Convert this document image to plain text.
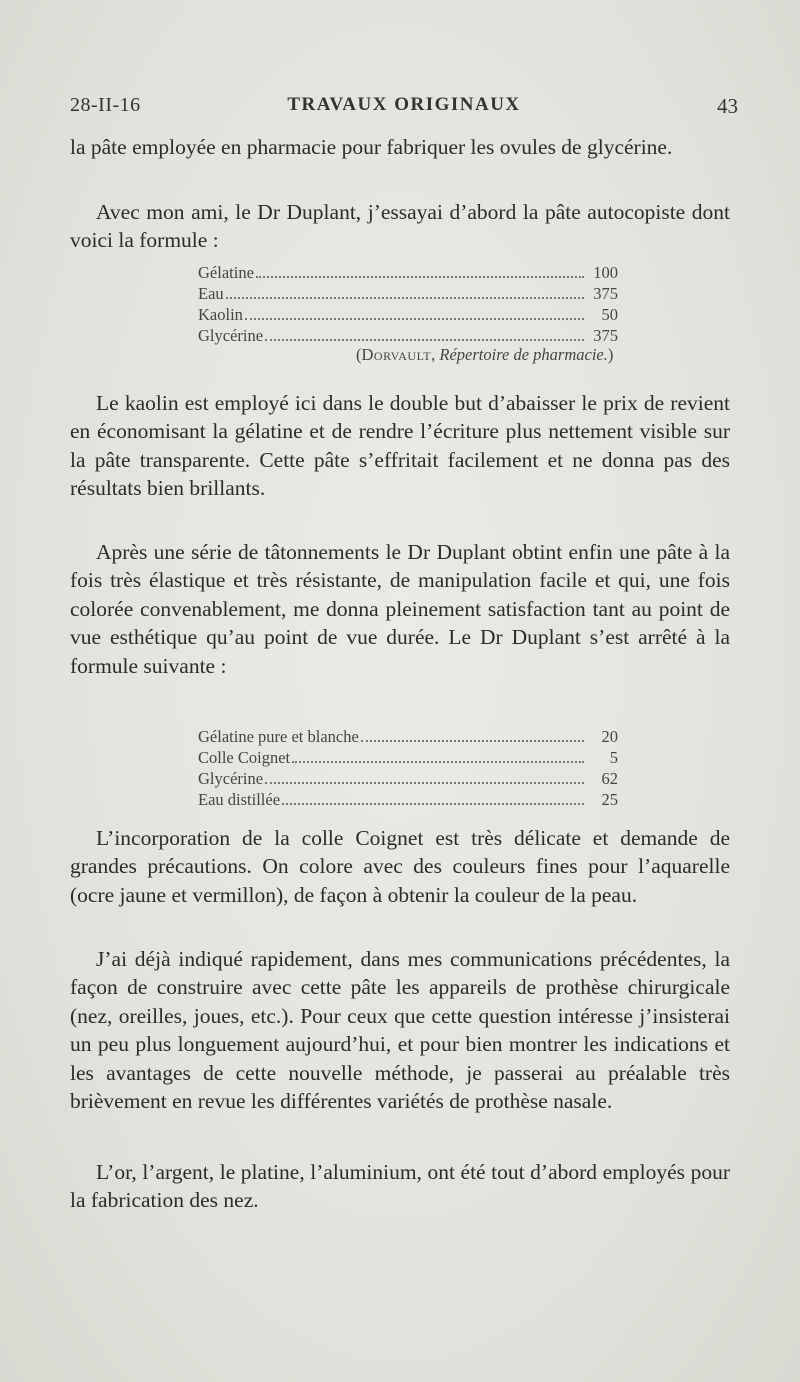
28-II-16	TRAVAUX ORIGINAUX	43

la pâte employée en pharmacie pour fabriquer les ovules de glycérine.

Avec mon ami, le Dr Duplant, j’essayai d’abord la pâte autocopiste dont voici la formule :

Gélatine	100
Eau	375
Kaolin	50
Glycérine	375
(Dorvault, Répertoire de pharmacie.)

Le kaolin est employé ici dans le double but d’abaisser le prix de revient en économisant la gélatine et de rendre l’écriture plus nettement visible sur la pâte transparente. Cette pâte s’effritait facilement et ne donna pas des résultats bien brillants.

Après une série de tâtonnements le Dr Duplant obtint enfin une pâte à la fois très élastique et très résistante, de manipulation facile et qui, une fois colorée convenablement, me donna pleinement satisfaction tant au point de vue esthétique qu’au point de vue durée. Le Dr Duplant s’est arrêté à la formule suivante :

Gélatine pure et blanche	20
Colle Coignet	5
Glycérine	62
Eau distillée	25

L’incorporation de la colle Coignet est très délicate et demande de grandes précautions. On colore avec des couleurs fines pour l’aquarelle (ocre jaune et vermillon), de façon à obtenir la couleur de la peau.

J’ai déjà indiqué rapidement, dans mes communications précédentes, la façon de construire avec cette pâte les appareils de prothèse chirurgicale (nez, oreilles, joues, etc.). Pour ceux que cette question intéresse j’insisterai un peu plus longuement aujourd’hui, et pour bien montrer les indications et les avantages de cette nouvelle méthode, je passerai au préalable très brièvement en revue les différentes variétés de prothèse nasale.

L’or, l’argent, le platine, l’aluminium, ont été tout d’abord employés pour la fabrication des nez.
